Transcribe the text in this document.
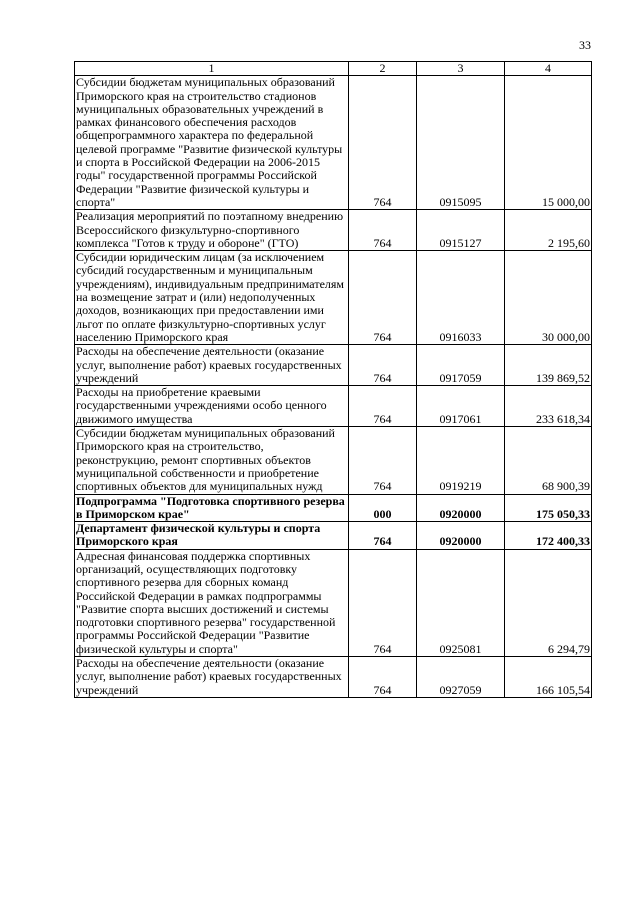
33
1	2	3	4
Субсидии бюджетам муниципальных образований Приморского края на строительство стадионов муниципальных образовательных учреждений в рамках финансового обеспечения расходов общепрограммного характера по федеральной целевой программе "Развитие физической культуры и спорта в Российской Федерации на 2006-2015 годы" государственной программы Российской Федерации "Развитие физической культуры и спорта"	764	0915095	15 000,00
Реализация мероприятий по поэтапному внедрению Всероссийского физкультурно-спортивного комплекса "Готов к труду и обороне" (ГТО)	764	0915127	2 195,60
Субсидии юридическим лицам (за исключением субсидий государственным и муниципальным учреждениям), индивидуальным предпринимателям на возмещение затрат и (или) недополученных доходов, возникающих при предоставлении ими льгот по оплате физкультурно-спортивных услуг населению Приморского края	764	0916033	30 000,00
Расходы на обеспечение деятельности (оказание услуг, выполнение работ) краевых государственных учреждений	764	0917059	139 869,52
Расходы на приобретение краевыми государственными учреждениями особо ценного движимого имущества	764	0917061	233 618,34
Субсидии бюджетам муниципальных образований Приморского края на строительство, реконструкцию, ремонт спортивных объектов муниципальной собственности и приобретение спортивных объектов для муниципальных нужд	764	0919219	68 900,39
Подпрограмма "Подготовка спортивного резерва в Приморском крае"	000	0920000	175 050,33
Департамент физической культуры и спорта Приморского края	764	0920000	172 400,33
Адресная финансовая поддержка спортивных организаций, осуществляющих подготовку спортивного резерва для сборных команд Российской Федерации в рамках подпрограммы "Развитие спорта высших достижений и системы подготовки спортивного резерва" государственной программы Российской Федерации "Развитие физической культуры и спорта"	764	0925081	6 294,79
Расходы на обеспечение деятельности (оказание услуг, выполнение работ) краевых государственных учреждений	764	0927059	166 105,54
